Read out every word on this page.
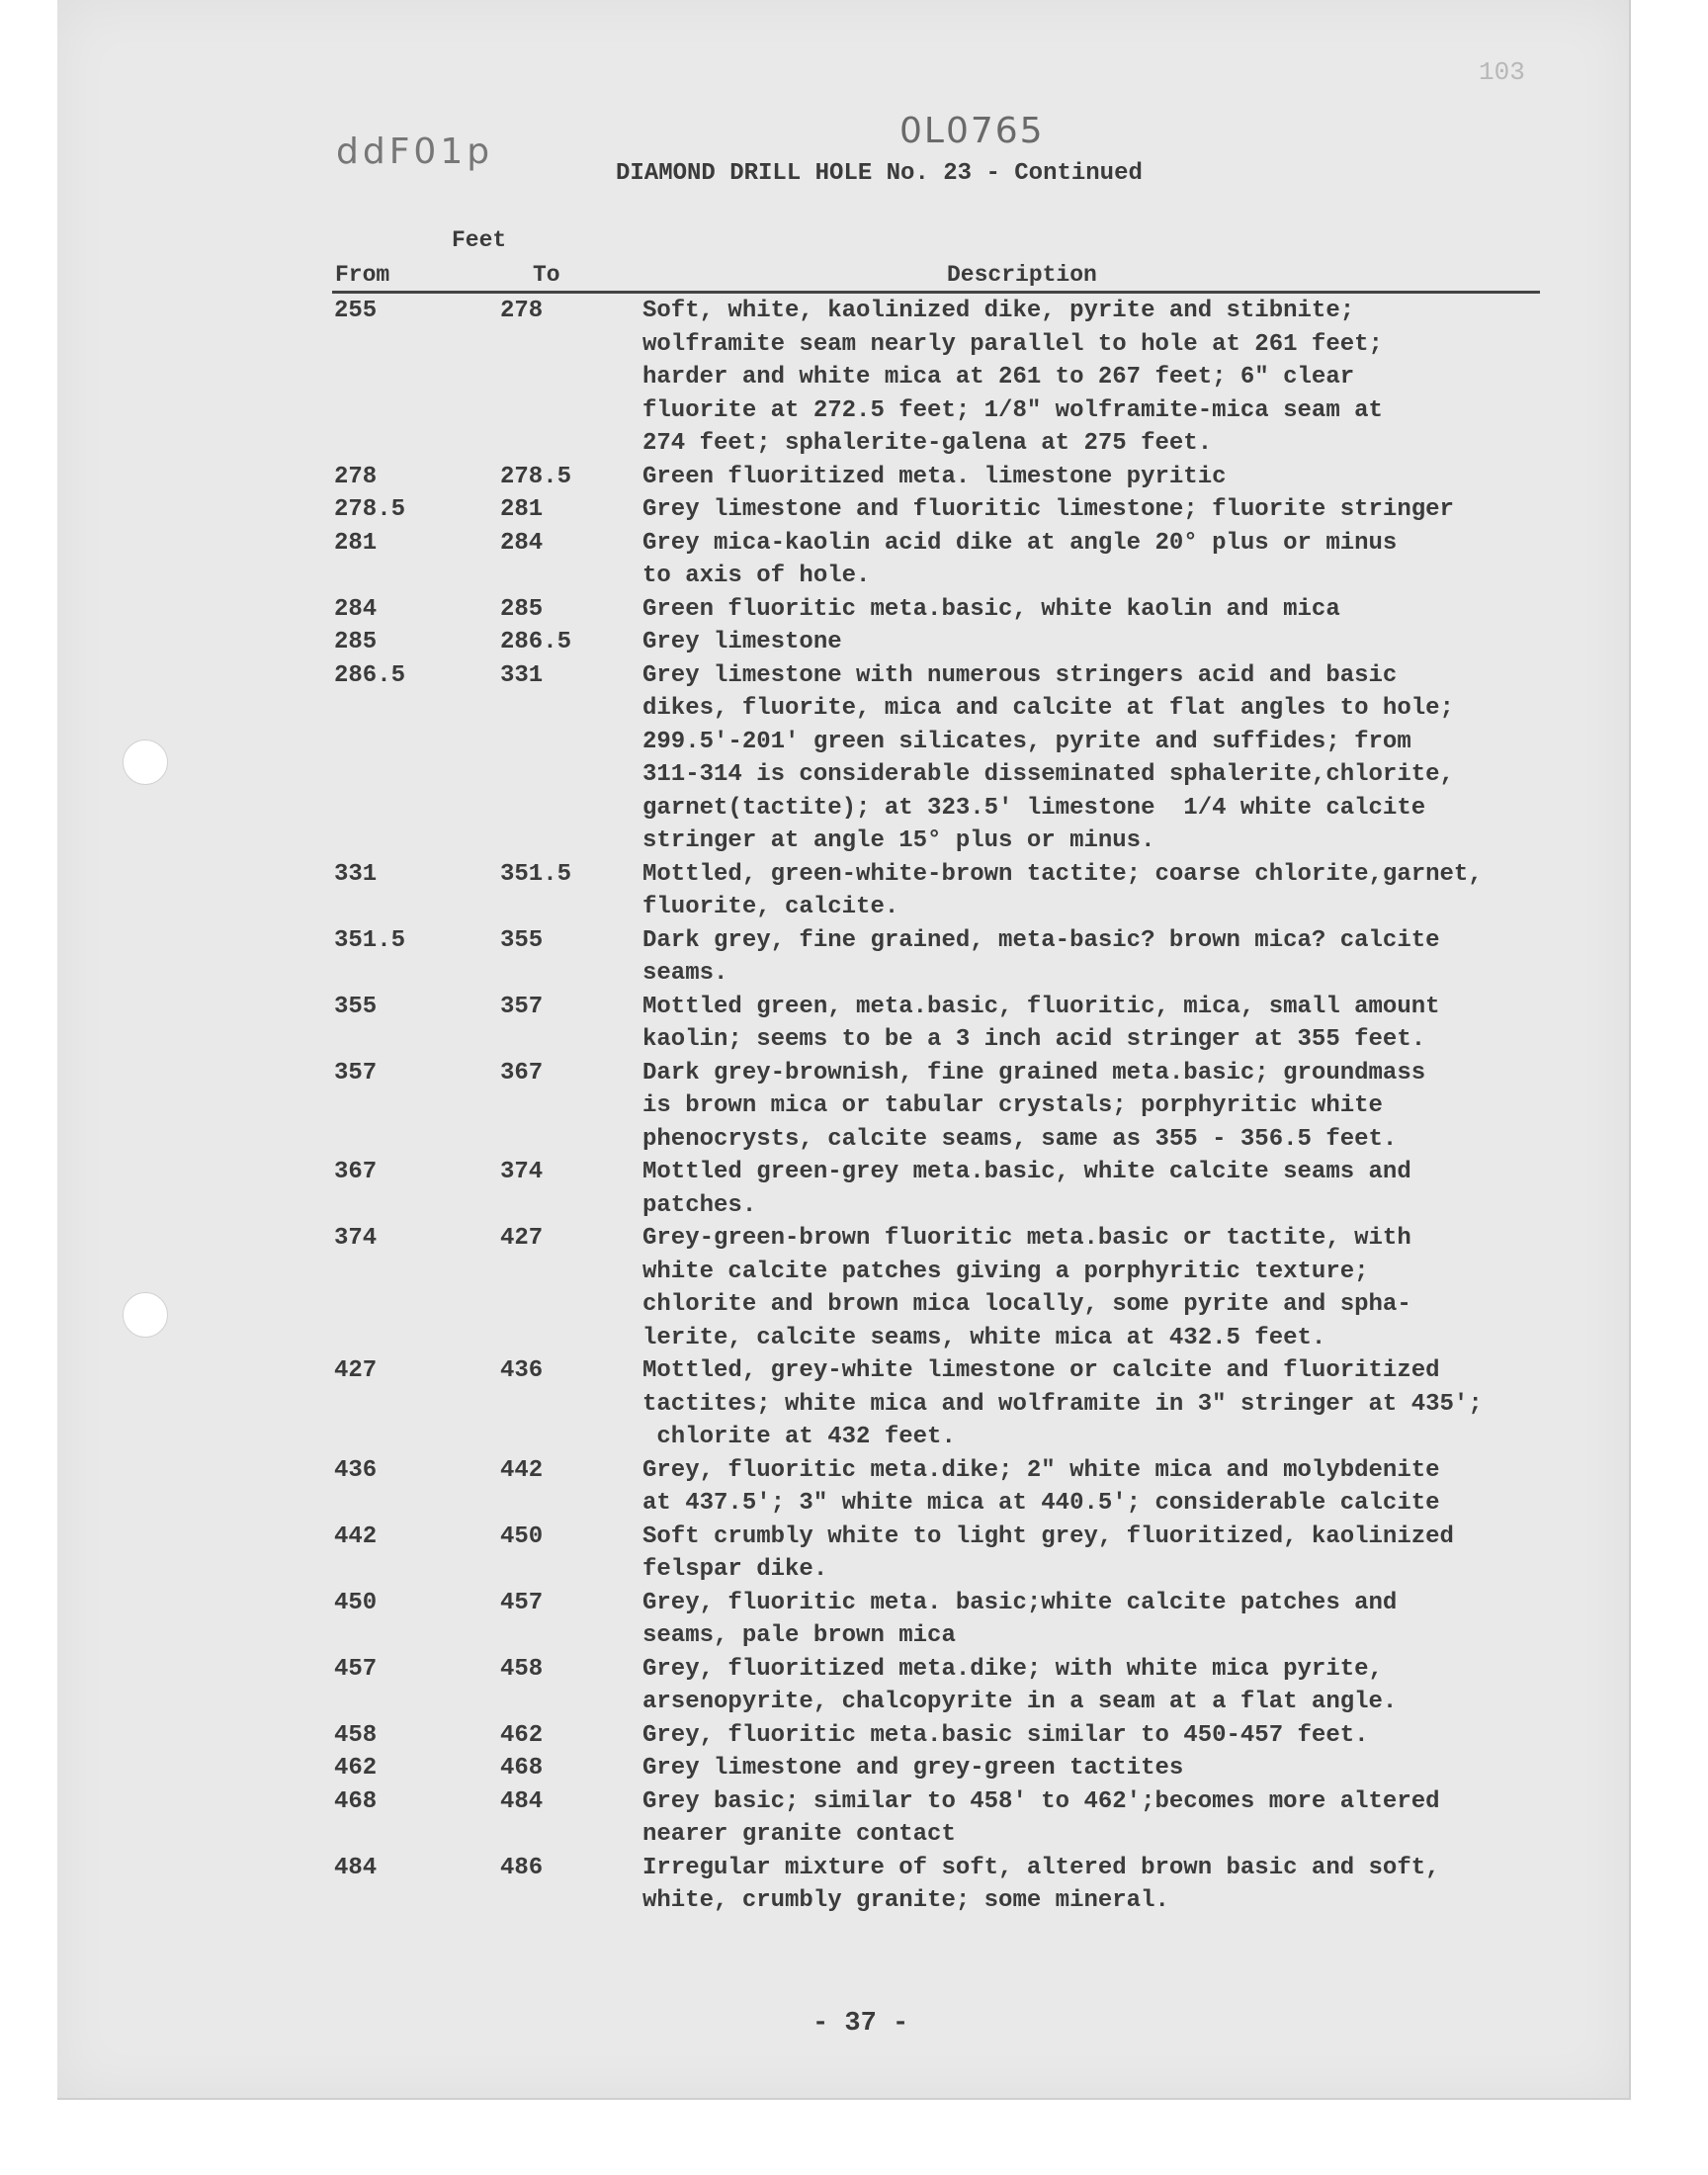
103
ddF01p
0L0765
DIAMOND DRILL HOLE No. 23 - Continued
Feet
From	To	Description
255	278	Soft, white, kaolinized dike, pyrite and stibnite;
wolframite seam nearly parallel to hole at 261 feet;
harder and white mica at 261 to 267 feet; 6" clear
fluorite at 272.5 feet; 1/8" wolframite-mica seam at
274 feet; sphalerite-galena at 275 feet.
278	278.5	Green fluoritized meta. limestone pyritic
278.5	281	Grey limestone and fluoritic limestone; fluorite stringer
281	284	Grey mica-kaolin acid dike at angle 20° plus or minus
to axis of hole.
284	285	Green fluoritic meta.basic, white kaolin and mica
285	286.5	Grey limestone
286.5	331	Grey limestone with numerous stringers acid and basic
dikes, fluorite, mica and calcite at flat angles to hole;
299.5'-201' green silicates, pyrite and suffides; from
311-314 is considerable disseminated sphalerite,chlorite,
garnet(tactite); at 323.5' limestone  1/4 white calcite
stringer at angle 15° plus or minus.
331	351.5	Mottled, green-white-brown tactite; coarse chlorite,garnet,
fluorite, calcite.
351.5	355	Dark grey, fine grained, meta-basic? brown mica? calcite
seams.
355	357	Mottled green, meta.basic, fluoritic, mica, small amount
kaolin; seems to be a 3 inch acid stringer at 355 feet.
357	367	Dark grey-brownish, fine grained meta.basic; groundmass
is brown mica or tabular crystals; porphyritic white
phenocrysts, calcite seams, same as 355 - 356.5 feet.
367	374	Mottled green-grey meta.basic, white calcite seams and
patches.
374	427	Grey-green-brown fluoritic meta.basic or tactite, with
white calcite patches giving a porphyritic texture;
chlorite and brown mica locally, some pyrite and spha-
lerite, calcite seams, white mica at 432.5 feet.
427	436	Mottled, grey-white limestone or calcite and fluoritized
tactites; white mica and wolframite in 3" stringer at 435';
chlorite at 432 feet.
436	442	Grey, fluoritic meta.dike; 2" white mica and molybdenite
at 437.5'; 3" white mica at 440.5'; considerable calcite
442	450	Soft crumbly white to light grey, fluoritized, kaolinized
felspar dike.
450	457	Grey, fluoritic meta. basic;white calcite patches and
seams, pale brown mica
457	458	Grey, fluoritized meta.dike; with white mica pyrite,
arsenopyrite, chalcopyrite in a seam at a flat angle.
458	462	Grey, fluoritic meta.basic similar to 450-457 feet.
462	468	Grey limestone and grey-green tactites
468	484	Grey basic; similar to 458' to 462';becomes more altered
nearer granite contact
484	486	Irregular mixture of soft, altered brown basic and soft,
white, crumbly granite; some mineral.
- 37 -
